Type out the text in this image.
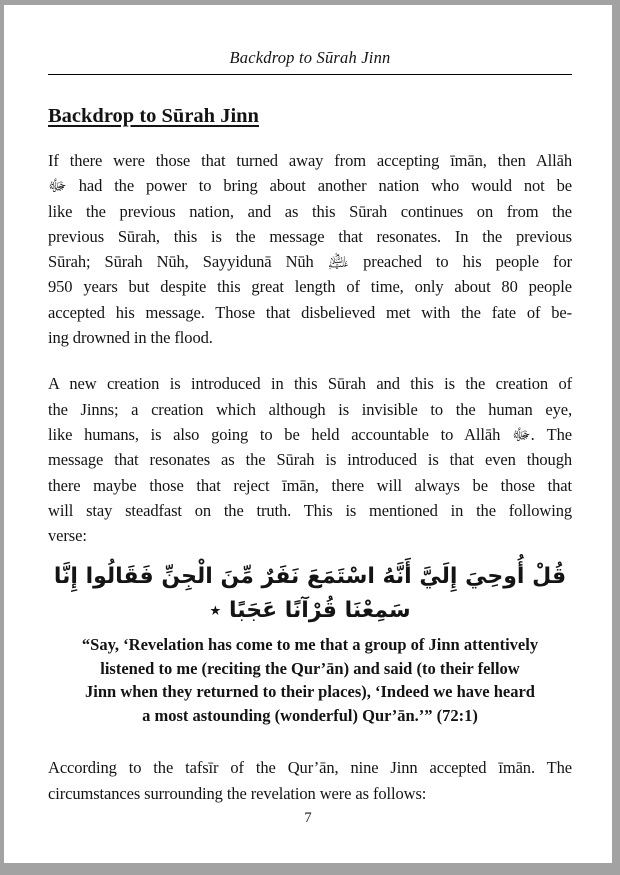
Backdrop to Sūrah Jinn
Backdrop to Sūrah Jinn
If there were those that turned away from accepting īmān, then Allāh
ﷻ had the power to bring about another nation who would not be
like the previous nation, and as this Sūrah continues on from the
previous Sūrah, this is the message that resonates. In the previous
Sūrah; Sūrah Nūh, Sayyidunā Nūh ﵇ preached to his people for
950 years but despite this great length of time, only about 80 people
accepted his message. Those that disbelieved met with the fate of be-
ing drowned in the flood.
A new creation is introduced in this Sūrah and this is the creation of
the Jinns; a creation which although is invisible to the human eye,
like humans, is also going to be held accountable to Allāh ﷻ. The
message that resonates as the Sūrah is introduced is that even though
there maybe those that reject īmān, there will always be those that
will stay steadfast on the truth. This is mentioned in the following
verse:
قُلْ أُوحِيَ إِلَيَّ أَنَّهُ اسْتَمَعَ نَفَرٌ مِّنَ الْجِنِّ فَقَالُوا إِنَّا سَمِعْنَا قُرْآنًا عَجَبًا ٭
“Say, ‘Revelation has come to me that a group of Jinn attentively
listened to me (reciting the Qur’ān) and said (to their fellow
Jinn when they returned to their places), ‘Indeed we have heard
a most astounding (wonderful) Qur’ān.’” (72:1)
According to the tafsīr of the Qur’ān, nine Jinn accepted īmān. The
circumstances surrounding the revelation were as follows:
7
